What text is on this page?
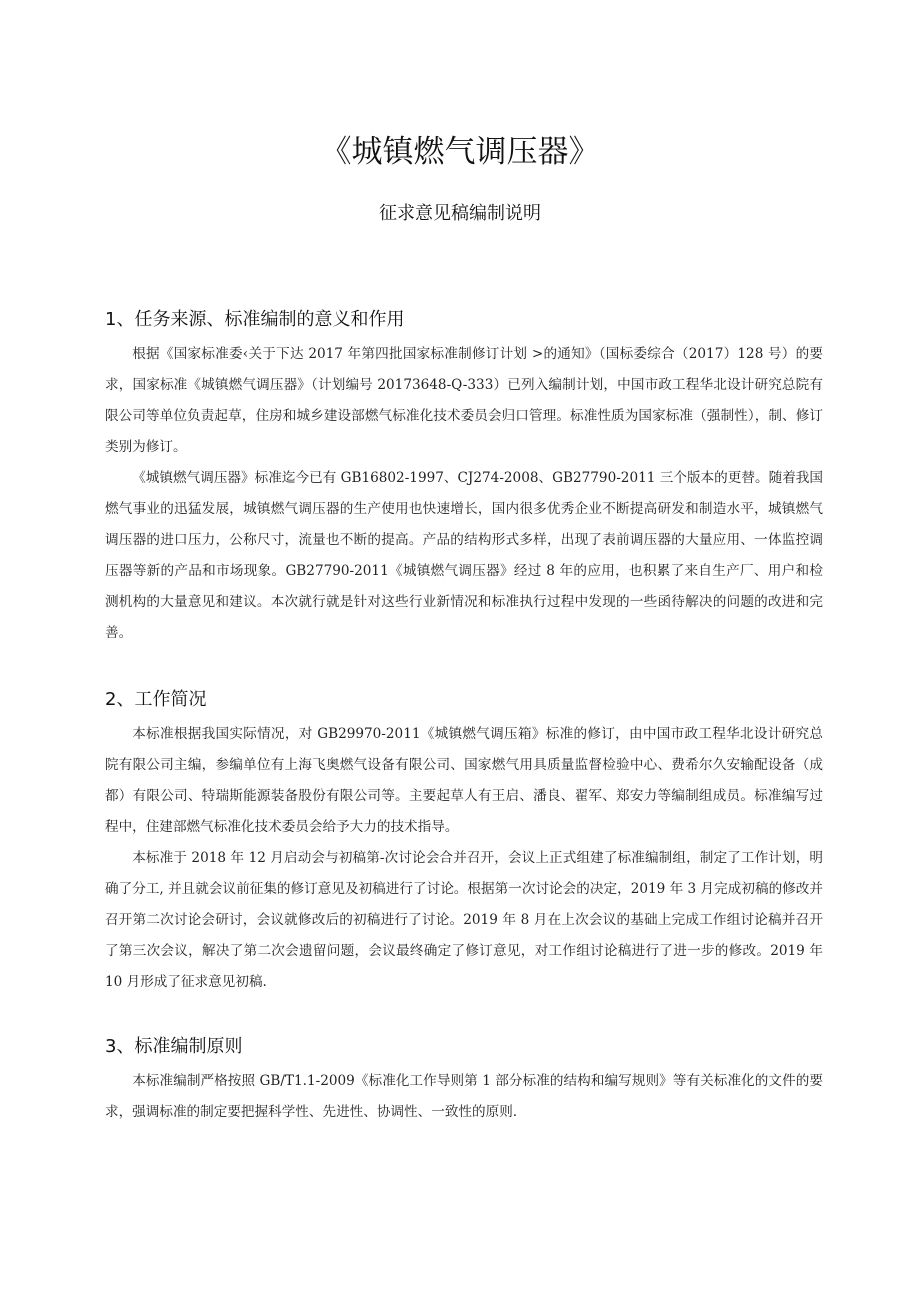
《城镇燃气调压器》
征求意见稿编制说明
1、任务来源、标准编制的意义和作用

根据《国家标准委‹关于下达 2017 年第四批国家标准制修订计划 >的通知》（国标委综合（2017）128 号）的要求，国家标准《城镇燃气调压器》（计划编号 20173648-Q-333）已列入编制计划，中国市政工程华北设计研究总院有限公司等单位负责起草，住房和城乡建设部燃气标准化技术委员会归口管理。标准性质为国家标准（强制性），制、修订类别为修订。

《城镇燃气调压器》标准迄今已有 GB16802-1997、CJ274-2008、GB27790-2011 三个版本的更替。随着我国燃气事业的迅猛发展，城镇燃气调压器的生产使用也快速增长，国内很多优秀企业不断提高研发和制造水平，城镇燃气调压器的进口压力，公称尺寸，流量也不断的提高。产品的结构形式多样，出现了表前调压器的大量应用、一体监控调压器等新的产品和市场现象。GB27790-2011《城镇燃气调压器》经过 8 年的应用，也积累了来自生产厂、用户和检测机构的大量意见和建议。本次就行就是针对这些行业新情况和标准执行过程中发现的一些函待解决的问题的改进和完善。

2、工作简况

本标准根据我国实际情况，对 GB29970-2011《城镇燃气调压箱》标准的修订，由中国市政工程华北设计研究总院有限公司主编，参编单位有上海飞奥燃气设备有限公司、国家燃气用具质量监督检验中心、费希尔久安输配设备（成都）有限公司、特瑞斯能源装备股份有限公司等。主要起草人有王启、潘良、翟军、郑安力等编制组成员。标准编写过程中，住建部燃气标准化技术委员会给予大力的技术指导。

本标准于 2018 年 12 月启动会与初稿第-次讨论会合并召开，会议上正式组建了标准编制组，制定了工作计划，明确了分工, 并且就会议前征集的修订意见及初稿进行了讨论。根据第一次讨论会的决定，2019 年 3 月完成初稿的修改并召开第二次讨论会研讨，会议就修改后的初稿进行了讨论。2019 年 8 月在上次会议的基础上完成工作组讨论稿并召开了第三次会议，解决了第二次会遗留问题，会议最终确定了修订意见，对工作组讨论稿进行了进一步的修改。2019 年 10 月形成了征求意见初稿.

3、标准编制原则

本标准编制严格按照 GB/T1.1-2009《标准化工作导则第 1 部分标准的结构和编写规则》等有关标准化的文件的要求，强调标准的制定要把握科学性、先进性、协调性、一致性的原则.
